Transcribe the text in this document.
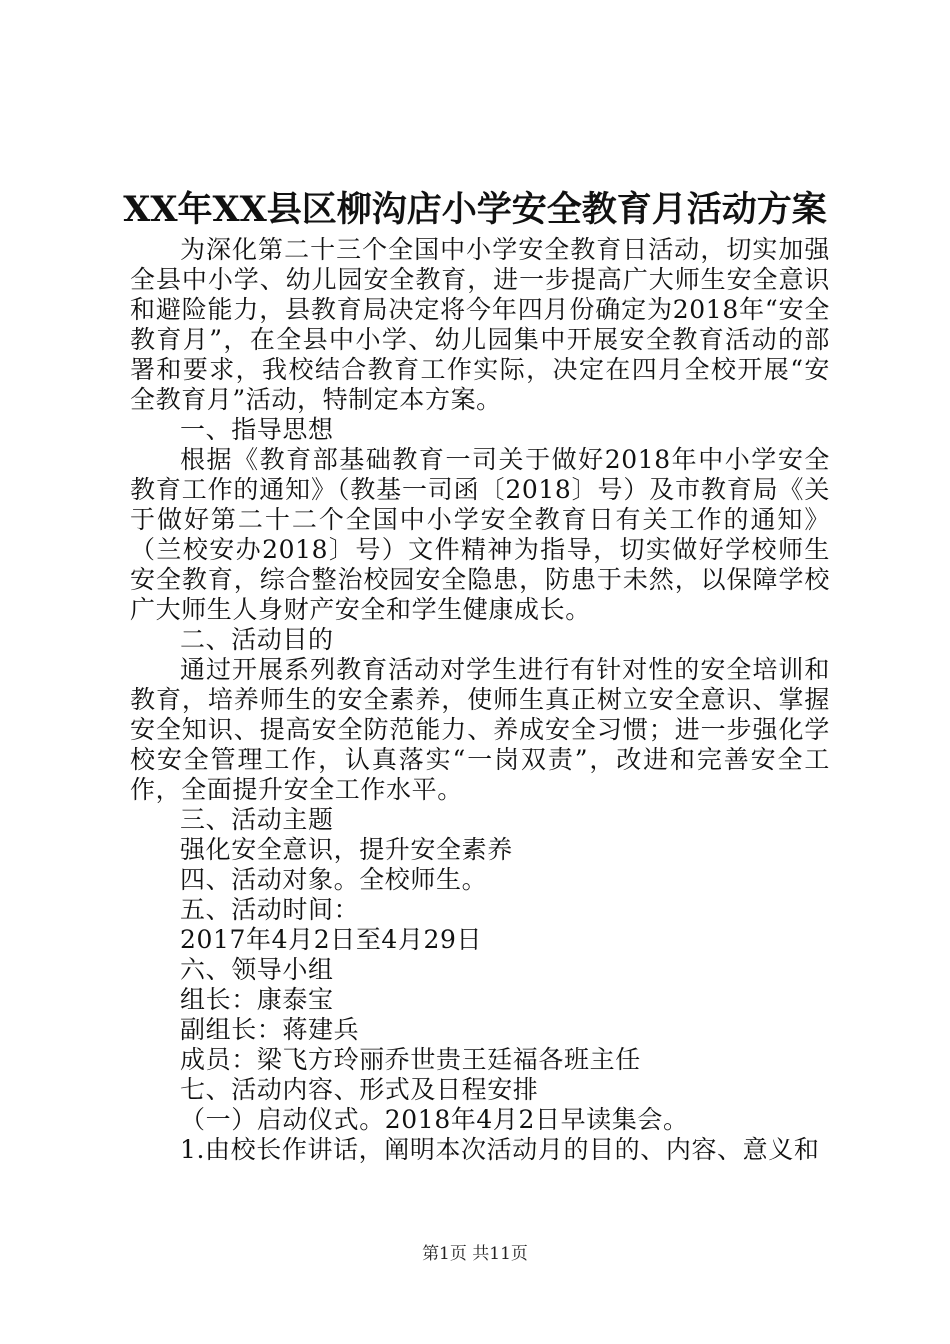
XX年XX县区柳沟店小学安全教育月活动方案

为深化第二十三个全国中小学安全教育日活动，切实加强全县中小学、幼儿园安全教育，进一步提高广大师生安全意识和避险能力，县教育局决定将今年四月份确定为2018年“安全教育月”，在全县中小学、幼儿园集中开展安全教育活动的部署和要求，我校结合教育工作实际，决定在四月全校开展“安全教育月”活动，特制定本方案。

一、指导思想

根据《教育部基础教育一司关于做好2018年中小学安全教育工作的通知》（教基一司函〔2018〕号）及市教育局《关于做好第二十二个全国中小学安全教育日有关工作的通知》（兰校安办2018〕号）文件精神为指导，切实做好学校师生安全教育，综合整治校园安全隐患，防患于未然，以保障学校广大师生人身财产安全和学生健康成长。

二、活动目的

通过开展系列教育活动对学生进行有针对性的安全培训和教育，培养师生的安全素养，使师生真正树立安全意识、掌握安全知识、提高安全防范能力、养成安全习惯；进一步强化学校安全管理工作，认真落实“一岗双责”，改进和完善安全工作，全面提升安全工作水平。

三、活动主题

强化安全意识，提升安全素养

四、活动对象。全校师生。

五、活动时间：

2017年4月2日至4月29日

六、领导小组

组长：康泰宝

副组长：蒋建兵

成员：梁飞方玲丽乔世贵王廷福各班主任

七、活动内容、形式及日程安排

（一）启动仪式。2018年4月2日早读集会。

1.由校长作讲话，阐明本次活动月的目的、内容、意义和

第1页 共11页
